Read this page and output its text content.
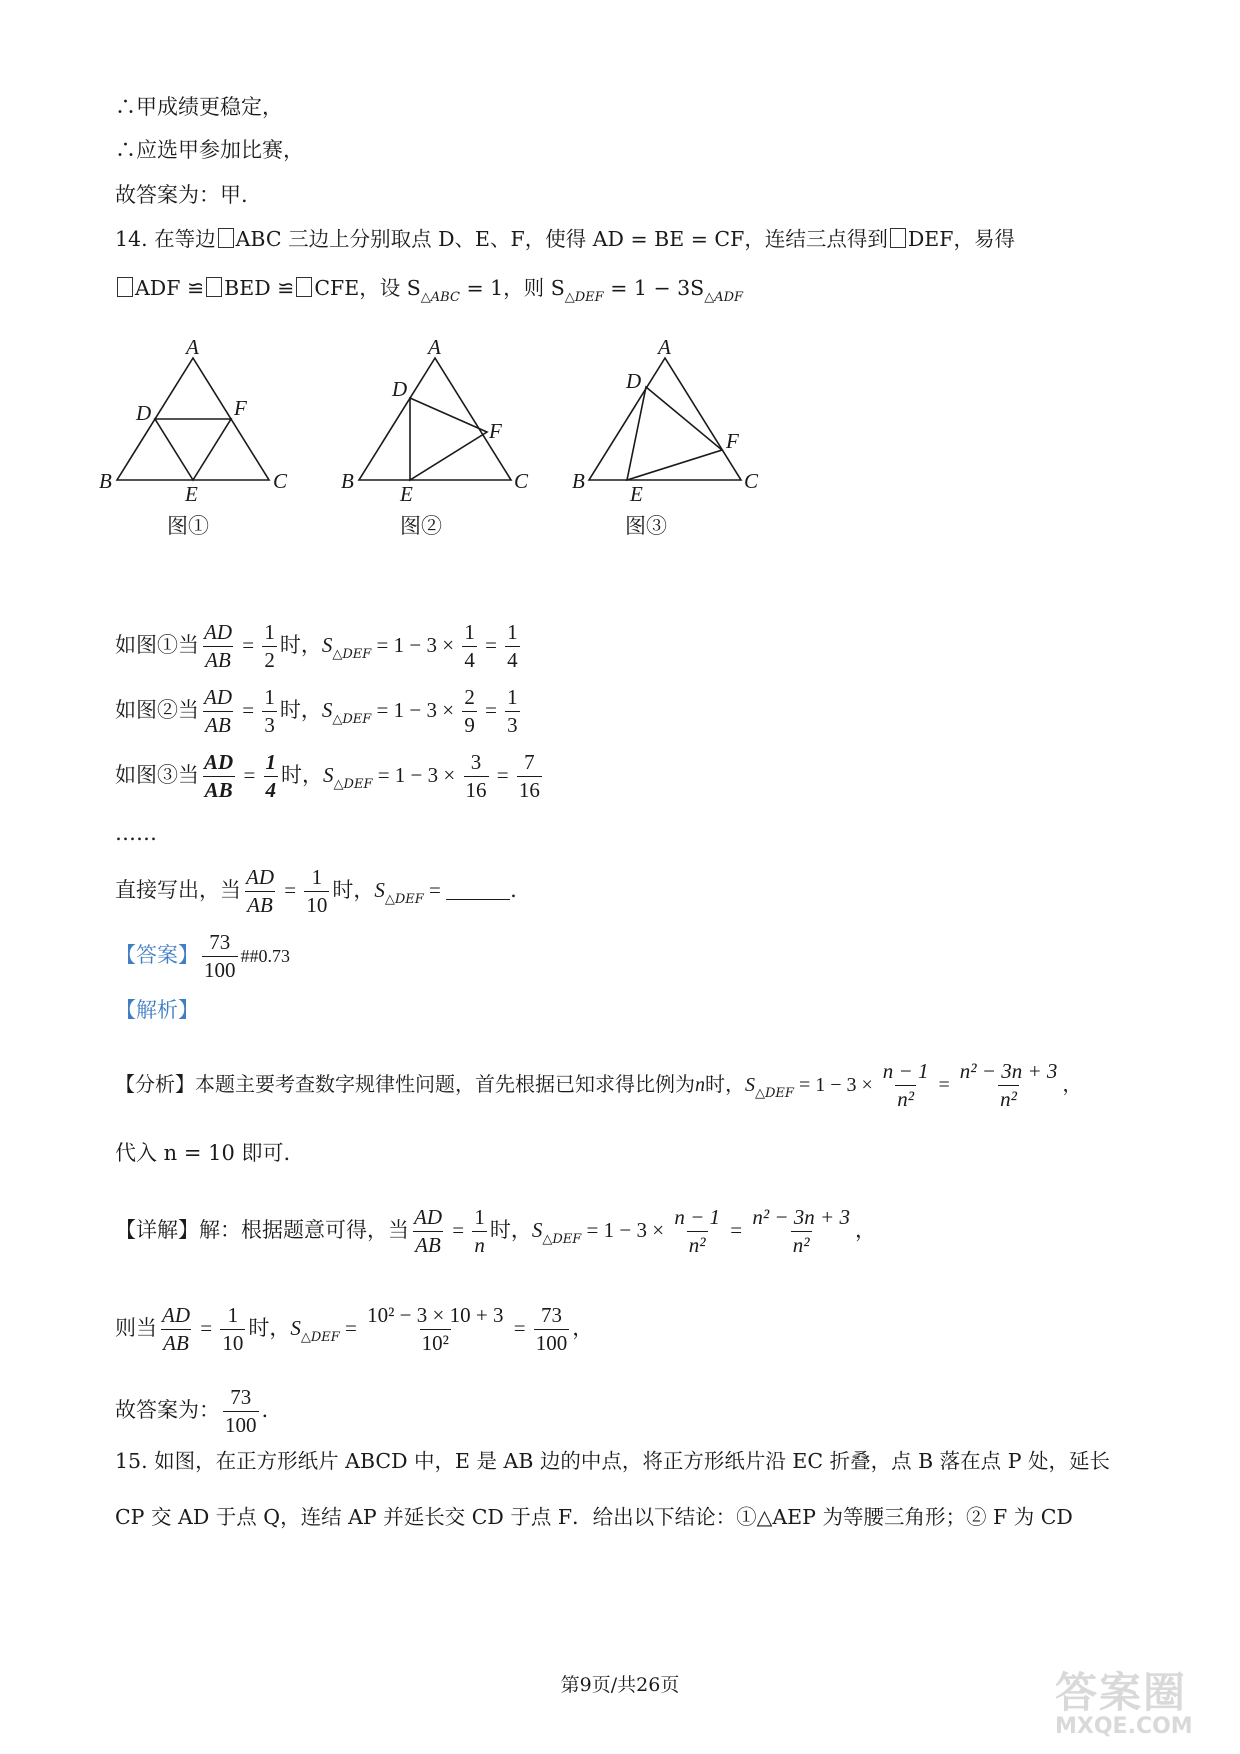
∴甲成绩更稳定，
∴应选甲参加比赛，
故答案为：甲.
14. 在等边 ABC 三边上分别取点 D、E、F，使得 AD = BE = CF，连结三点得到 DEF，易得
ADF ≌ BED ≌ CFE，设 $S_{\triangle ABC} = 1$，则 $S_{\triangle DEF} = 1 - 3S_{\triangle ADF}$
A
B	C
D
E
F
A
B	C
D
E
F
A
B	C
D
E
F
图①	图②	图③
如图①当 $\frac{AD}{AB} = \frac{1}{2}$ 时，$S_{\triangle DEF} = 1 - 3 \times \frac{1}{4} = \frac{1}{4}$
如图②当 $\frac{AD}{AB} = \frac{1}{3}$ 时，$S_{\triangle DEF} = 1 - 3 \times \frac{2}{9} = \frac{1}{3}$
如图③当 $\frac{AD}{AB} = \frac{1}{4}$ 时，$S_{\triangle DEF} = 1 - 3 \times \frac{3}{16} = \frac{7}{16}$
……
直接写出，当 $\frac{AD}{AB} = \frac{1}{10}$ 时，$S_{\triangle DEF}$ =	.
【答案】 $\frac{73}{100}$ ##0.73
【解析】
【分析】本题主要考查数字规律性问题，首先根据已知求得比例为n时，$S_{\triangle DEF} = 1 - 3 \times \frac{n - 1}{\text{n²}} = \frac{\text{n² − 3n + 3}}{\text{n²}}$ ，
代入 n = 10 即可.
【详解】解：根据题意可得，当 $\frac{AD}{AB} = \frac{1}{n}$ 时，$S_{\triangle DEF} = 1 - 3 \times \frac{n - 1}{\text{n²}} = \frac{\text{n² − 3n + 3}}{\text{n²}}$ ，
则当 $\frac{AD}{AB} = \frac{1}{10}$ 时，$S_{\triangle DEF} = \frac{\text{10² − 3 × 10 + 3}}{\text{10²}} = \frac{73}{100}$ ，
故答案为： $\frac{73}{100}$ .
15. 如图，在正方形纸片 ABCD 中，E 是 AB 边的中点，将正方形纸片沿 EC 折叠，点 B 落在点 P 处，延长
CP 交 AD 于点 Q，连结 AP 并延长交 CD 于点 F．给出以下结论：①△AEP 为等腰三角形；② F 为 CD
第9页/共26页	答案圈
MXQE.COM
